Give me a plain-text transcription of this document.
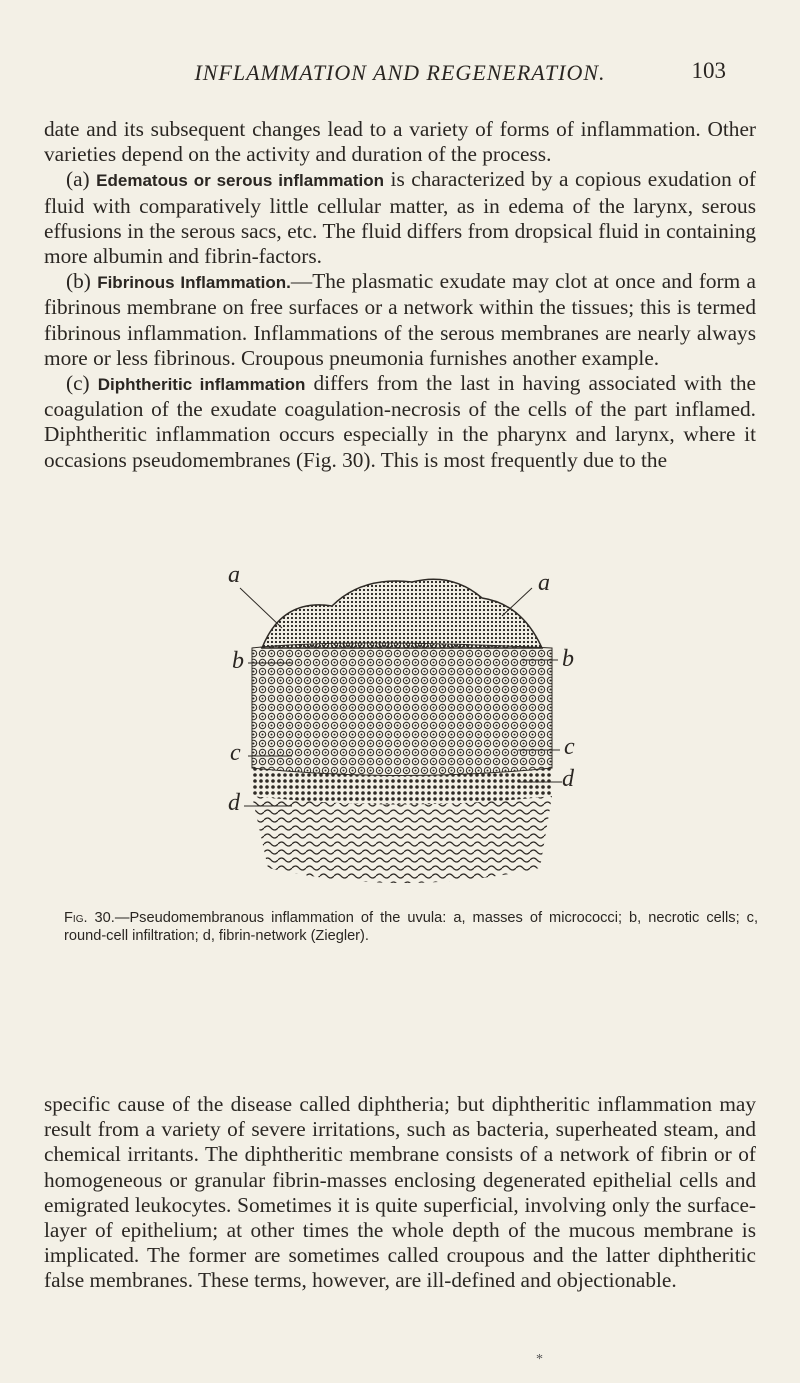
INFLAMMATION AND REGENERATION.	103

date and its subsequent changes lead to a variety of forms of inflammation. Other varieties depend on the activity and duration of the process.

(a) Edematous or serous inflammation is characterized by a copious exudation of fluid with comparatively little cellular matter, as in edema of the larynx, serous effusions in the serous sacs, etc. The fluid differs from dropsical fluid in containing more albumin and fibrin-factors.

(b) Fibrinous Inflammation.—The plasmatic exudate may clot at once and form a fibrinous membrane on free surfaces or a network within the tissues; this is termed fibrinous inflammation. Inflammations of the serous membranes are nearly always more or less fibrinous. Croupous pneumonia furnishes another example.

(c) Diphtheritic inflammation differs from the last in having associated with the coagulation of the exudate coagulation-necrosis of the cells of the part inflamed. Diphtheritic inflammation occurs especially in the pharynx and larynx, where it occasions pseudomembranes (Fig. 30). This is most frequently due to the

a	a
b	b
c	c
d
d
Fig. 30.—Pseudomembranous inflammation of the uvula: a, masses of micrococci; b, necrotic cells; c, round-cell infiltration; d, fibrin-network (Ziegler).

specific cause of the disease called diphtheria; but diphtheritic inflammation may result from a variety of severe irritations, such as bacteria, superheated steam, and chemical irritants. The diphtheritic membrane consists of a network of fibrin or of homogeneous or granular fibrin-masses enclosing degenerated epithelial cells and emigrated leukocytes. Sometimes it is quite superficial, involving only the surface-layer of epithelium; at other times the whole depth of the mucous membrane is implicated. The former are sometimes called croupous and the latter diphtheritic false membranes. These terms, however, are ill-defined and objectionable.

*
